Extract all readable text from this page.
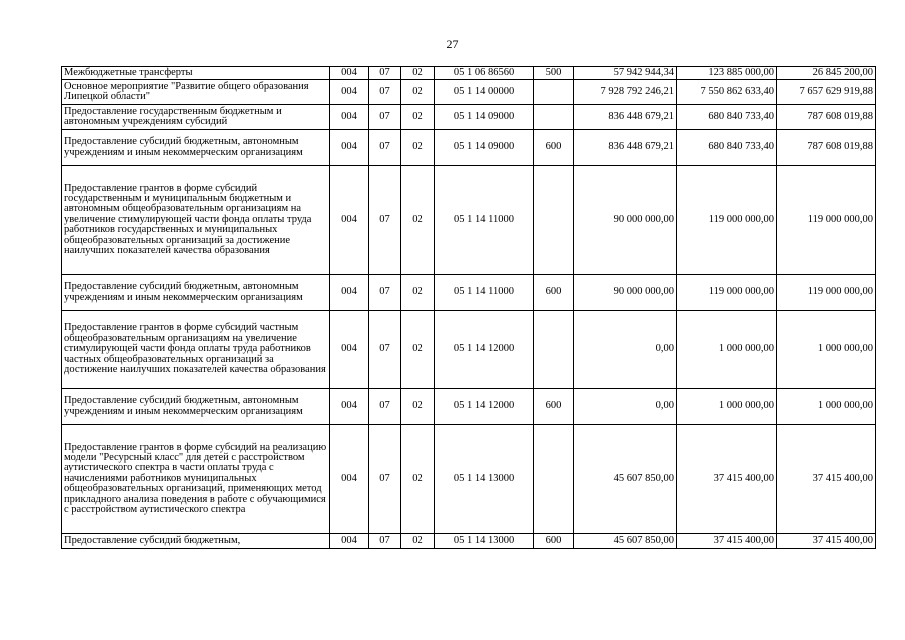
27
Межбюджетные трансферты	004	07	02	05 1 06 86560	500	57 942 944,34	123 885 000,00	26 845 200,00
Основное мероприятие "Развитие общего образования Липецкой области"	004	07	02	05 1 14 00000		7 928 792 246,21	7 550 862 633,40	7 657 629 919,88
Предоставление государственным бюджетным и автономным учреждениям субсидий	004	07	02	05 1 14 09000		836 448 679,21	680 840 733,40	787 608 019,88
Предоставление субсидий бюджетным, автономным учреждениям и иным некоммерческим организациям	004	07	02	05 1 14 09000	600	836 448 679,21	680 840 733,40	787 608 019,88
Предоставление грантов в форме субсидий государственным и муниципальным бюджетным и автономным общеобразовательным организациям на увеличение стимулирующей части фонда оплаты труда работников государственных и муниципальных общеобразовательных организаций за достижение наилучших показателей качества образования	004	07	02	05 1 14 11000		90 000 000,00	119 000 000,00	119 000 000,00
Предоставление субсидий бюджетным, автономным учреждениям и иным некоммерческим организациям	004	07	02	05 1 14 11000	600	90 000 000,00	119 000 000,00	119 000 000,00
Предоставление грантов в форме субсидий частным общеобразовательным организациям на увеличение стимулирующей части фонда оплаты труда работников частных общеобразовательных организаций за достижение наилучших показателей качества образования	004	07	02	05 1 14 12000		0,00	1 000 000,00	1 000 000,00
Предоставление субсидий бюджетным, автономным учреждениям и иным некоммерческим организациям	004	07	02	05 1 14 12000	600	0,00	1 000 000,00	1 000 000,00
Предоставление грантов в форме субсидий на реализацию модели "Ресурсный класс" для детей с расстройством аутистического спектра в части оплаты труда с начислениями работников муниципальных общеобразовательных организаций, применяющих метод прикладного анализа поведения в работе с обучающимися с расстройством аутистического спектра	004	07	02	05 1 14 13000		45 607 850,00	37 415 400,00	37 415 400,00
Предоставление субсидий бюджетным,	004	07	02	05 1 14 13000	600	45 607 850,00	37 415 400,00	37 415 400,00
